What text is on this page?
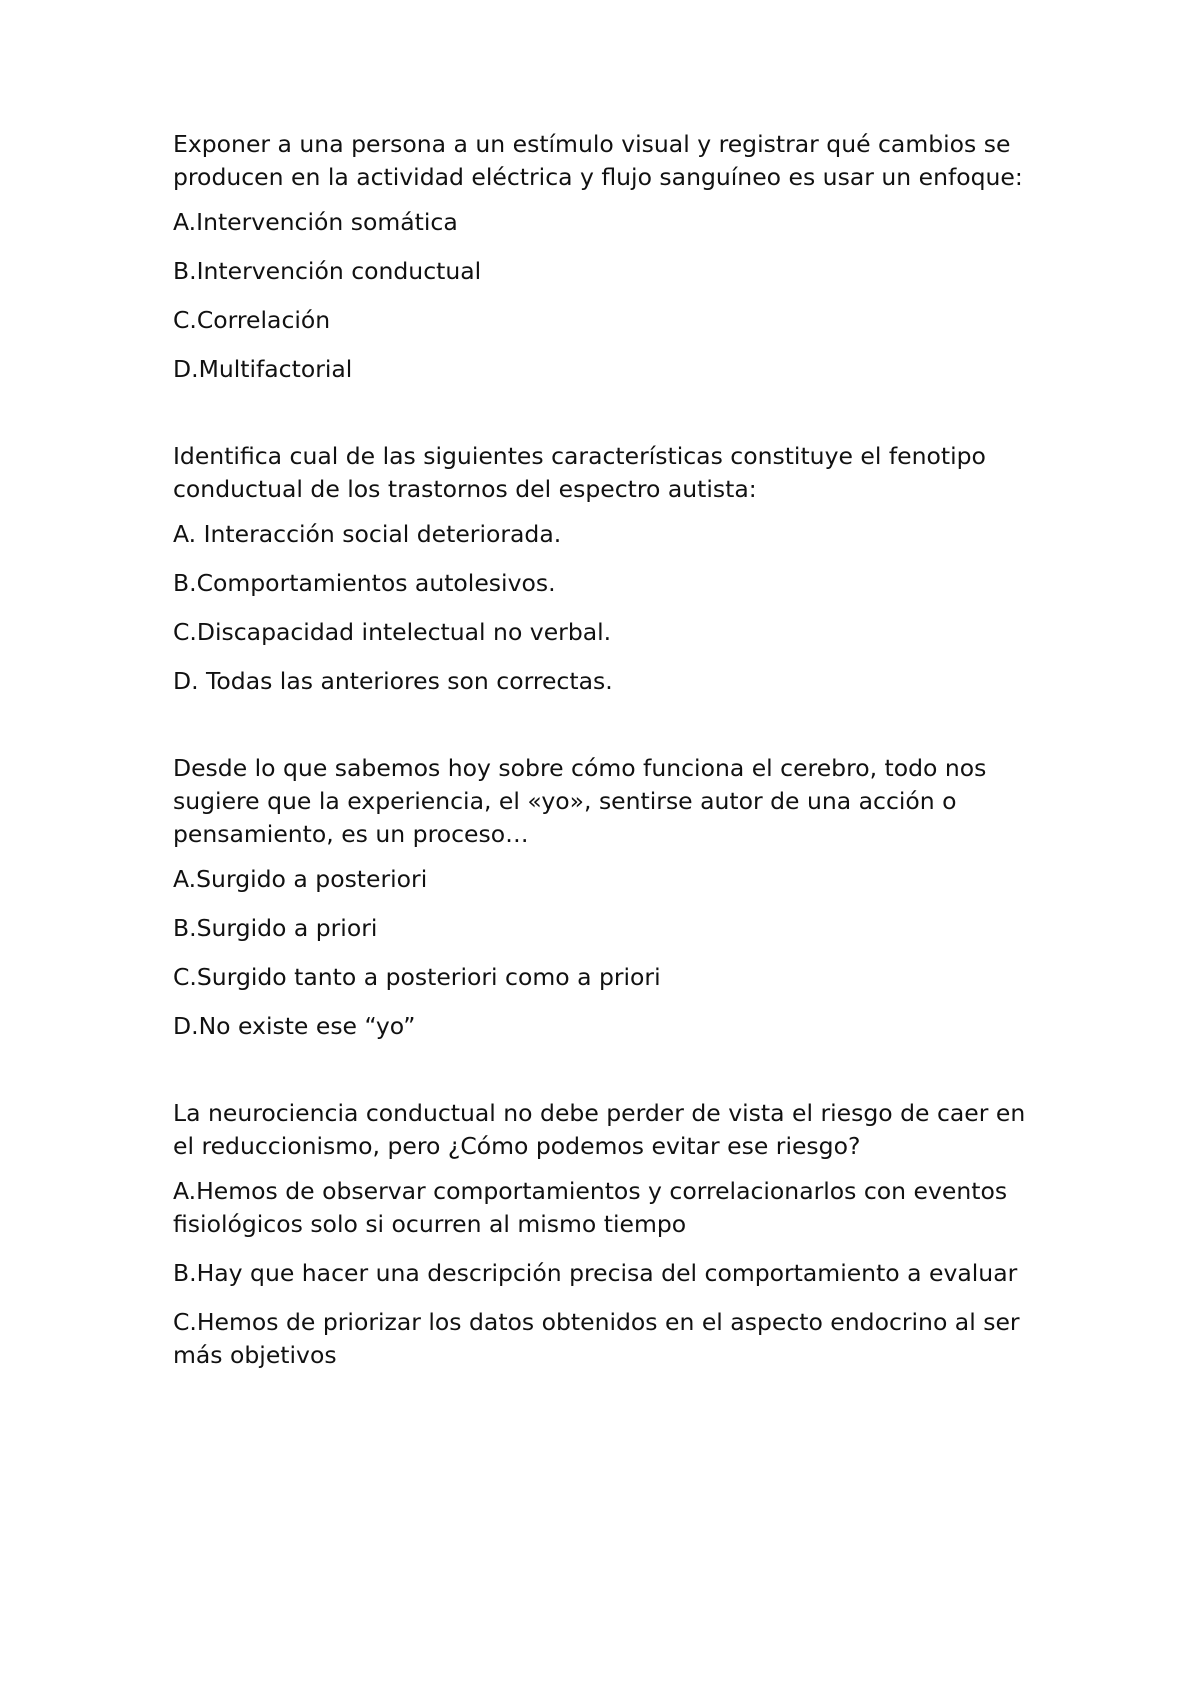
Exponer a una persona a un estímulo visual y registrar qué cambios se producen en la actividad eléctrica y flujo sanguíneo es usar un enfoque:

A.Intervención somática

B.Intervención conductual

C.Correlación

D.Multifactorial

Identifica cual de las siguientes características constituye el fenotipo conductual de los trastornos del espectro autista:

A. Interacción social deteriorada.

B.Comportamientos autolesivos.

C.Discapacidad intelectual no verbal.

D. Todas las anteriores son correctas.

Desde lo que sabemos hoy sobre cómo funciona el cerebro, todo nos sugiere que la experiencia, el «yo», sentirse autor de una acción o pensamiento, es un proceso…

A.Surgido a posteriori

B.Surgido a priori

C.Surgido tanto a posteriori como a priori

D.No existe ese “yo”

La neurociencia conductual no debe perder de vista el riesgo de caer en el reduccionismo, pero ¿Cómo podemos evitar ese riesgo?

A.Hemos de observar comportamientos y correlacionarlos con eventos fisiológicos solo si ocurren al mismo tiempo

B.Hay que hacer una descripción precisa del comportamiento a evaluar

C.Hemos de priorizar los datos obtenidos en el aspecto endocrino al ser más objetivos
